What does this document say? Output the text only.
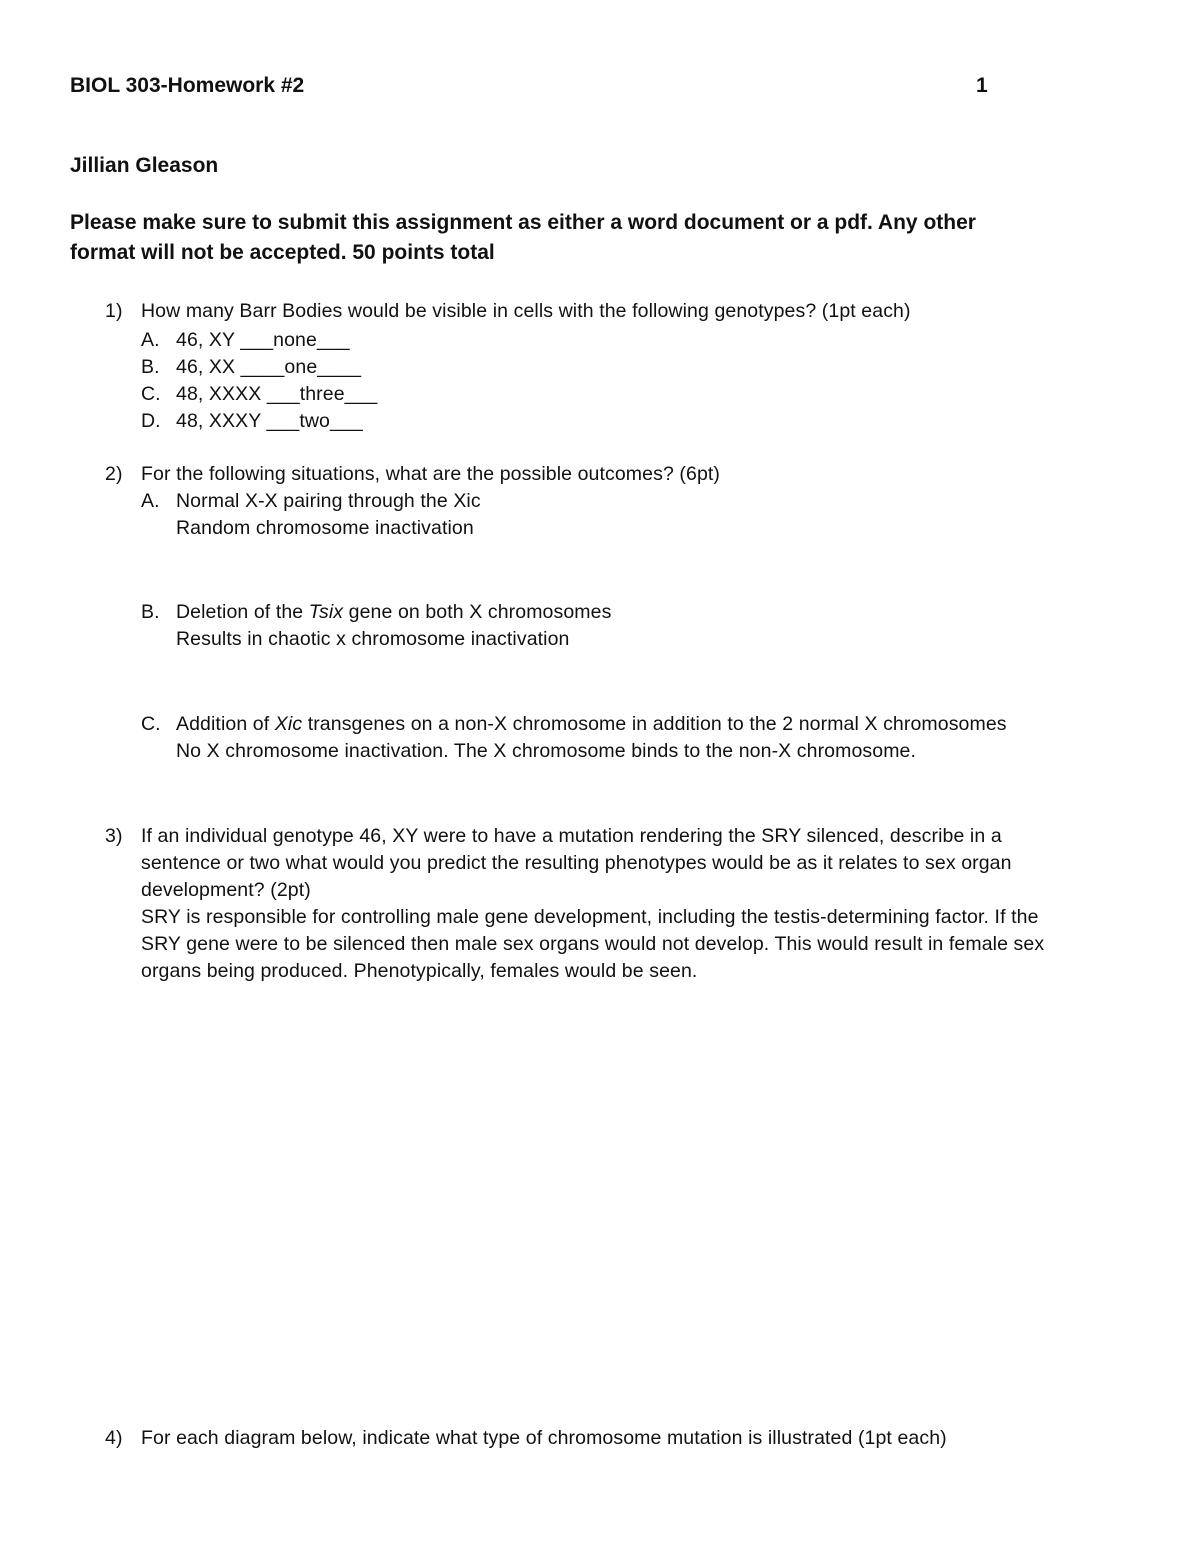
BIOL 303-Homework #2	1
Jillian Gleason
Please make sure to submit this assignment as either a word document or a pdf. Any other
format will not be accepted. 50 points total
1) How many Barr Bodies would be visible in cells with the following genotypes? (1pt each)
A. 46, XY ___none___
B. 46, XX ____one____
C. 48, XXXX ___three___
D. 48, XXXY ___two___
2) For the following situations, what are the possible outcomes? (6pt)
A. Normal X-X pairing through the Xic
Random chromosome inactivation
B. Deletion of the Tsix gene on both X chromosomes
Results in chaotic x chromosome inactivation
C. Addition of Xic transgenes on a non-X chromosome in addition to the 2 normal X chromosomes
No X chromosome inactivation. The X chromosome binds to the non-X chromosome.
3) If an individual genotype 46, XY were to have a mutation rendering the SRY silenced, describe in a
sentence or two what would you predict the resulting phenotypes would be as it relates to sex organ
development? (2pt)
SRY is responsible for controlling male gene development, including the testis-determining factor. If the
SRY gene were to be silenced then male sex organs would not develop. This would result in female sex
organs being produced. Phenotypically, females would be seen.
4) For each diagram below, indicate what type of chromosome mutation is illustrated (1pt each)
